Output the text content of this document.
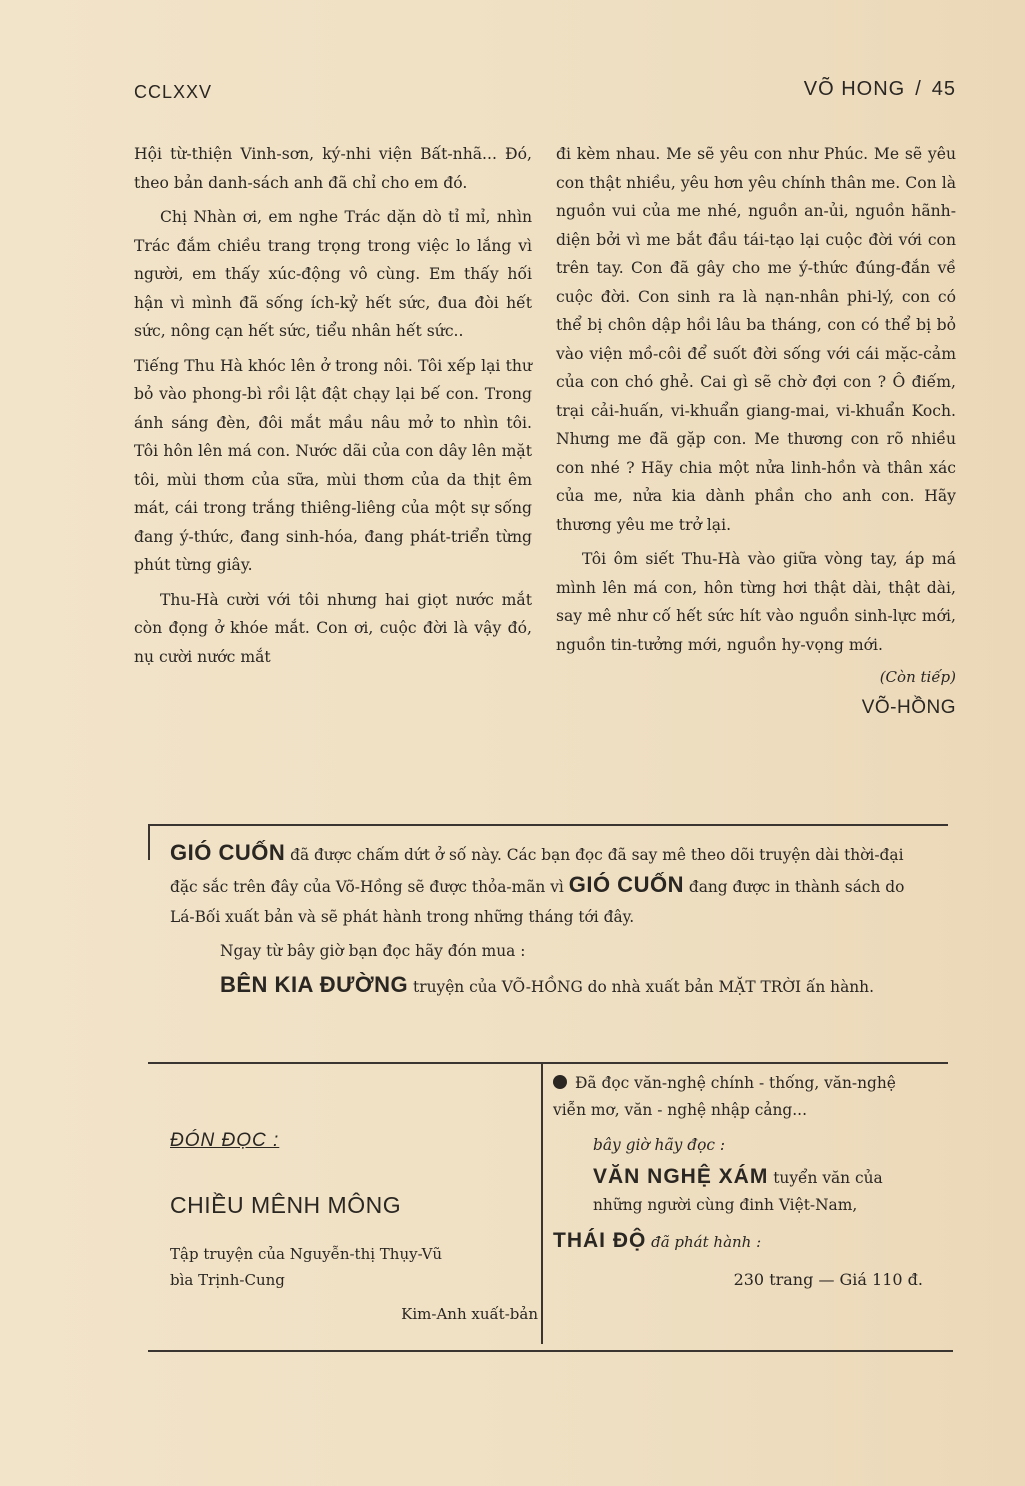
CCLXXV	VÕ HONG / 45

Hội từ-thiện Vinh-sơn, ký-nhi viện Bất-nhã... Đó, theo bản danh-sách anh đã chỉ cho em đó.

Chị Nhàn ơi, em nghe Trác dặn dò tỉ mỉ, nhìn Trác đắm chiều trang trọng trong việc lo lắng vì người, em thấy xúc-động vô cùng. Em thấy hối hận vì mình đã sống ích-kỷ hết sức, đua đòi hết sức, nông cạn hết sức, tiểu nhân hết sức..

Tiếng Thu Hà khóc lên ở trong nôi. Tôi xếp lại thư bỏ vào phong-bì rồi lật đật chạy lại bế con. Trong ánh sáng đèn, đôi mắt mầu nâu mở to nhìn tôi. Tôi hôn lên má con. Nước dãi của con dây lên mặt tôi, mùi thơm của sữa, mùi thơm của da thịt êm mát, cái trong trắng thiêng-liêng của một sự sống đang ý-thức, đang sinh-hóa, đang phát-triển từng phút từng giây.

Thu-Hà cười với tôi nhưng hai giọt nước mắt còn đọng ở khóe mắt. Con ơi, cuộc đời là vậy đó, nụ cười nước mắt

đi kèm nhau. Me sẽ yêu con như Phúc. Me sẽ yêu con thật nhiều, yêu hơn yêu chính thân me. Con là nguồn vui của me nhé, nguồn an-ủi, nguồn hãnh-diện bởi vì me bắt đầu tái-tạo lại cuộc đời với con trên tay. Con đã gây cho me ý-thức đúng-đắn về cuộc đời. Con sinh ra là nạn-nhân phi-lý, con có thể bị chôn dập hồi lâu ba tháng, con có thể bị bỏ vào viện mồ-côi để suốt đời sống với cái mặc-cảm của con chó ghẻ. Cai gì sẽ chờ đợi con ? Ô điếm, trại cải-huấn, vi-khuẩn giang-mai, vi-khuẩn Koch. Nhưng me đã gặp con. Me thương con rõ nhiều con nhé ? Hãy chia một nửa linh-hồn và thân xác của me, nửa kia dành phần cho anh con. Hãy thương yêu me trở lại.

Tôi ôm siết Thu-Hà vào giữa vòng tay, áp má mình lên má con, hôn từng hơi thật dài, thật dài, say mê như cố hết sức hít vào nguồn sinh-lực mới, nguồn tin-tưởng mới, nguồn hy-vọng mới.

(Còn tiếp)

VÕ-HỒNG

GIÓ CUỐN đã được chấm dứt ở số này. Các bạn đọc đã say mê theo dõi truyện dài thời-đại đặc sắc trên đây của Võ-Hồng sẽ được thỏa-mãn vì GIÓ CUỐN đang được in thành sách do Lá-Bối xuất bản và sẽ phát hành trong những tháng tới đây.

Ngay từ bây giờ bạn đọc hãy đón mua :

BÊN KIA ĐƯỜNG truyện của VÕ-HỒNG do nhà xuất bản MẶT TRỜI ấn hành.

ĐÓN ĐỌC :
CHIỀU MÊNH MÔNG
Tập truyện của Nguyễn-thị Thụy-Vũ
bìa Trịnh-Cung
Kim-Anh xuất-bản

Đã đọc văn-nghệ chính - thống, văn-nghệ viễn mơ, văn - nghệ nhập cảng...

bây giờ hãy đọc :

VĂN NGHỆ XÁM tuyển văn của những người cùng đinh Việt-Nam,

THÁI ĐỘ đã phát hành :

230 trang — Giá 110 đ.
